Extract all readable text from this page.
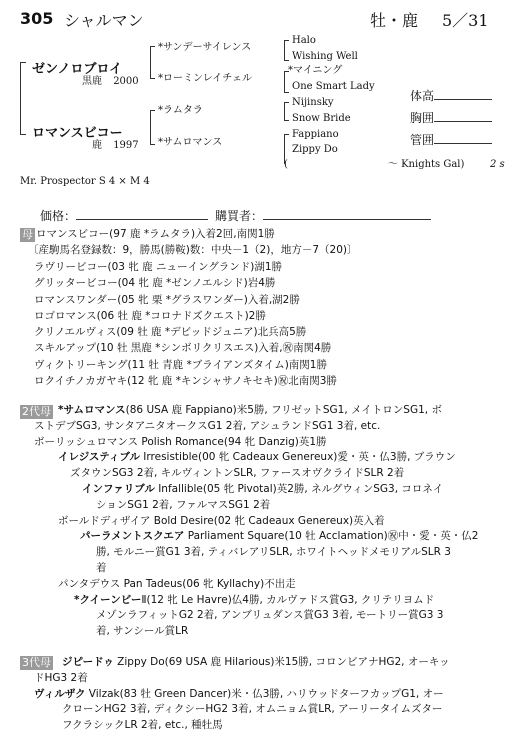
305 シャルマン	牡・鹿 5／31
ゼンノロブロイ
黒鹿 2000
*サンデーサイレンス
*ローミンレイチェル
Halo
Wishing Well
*マイニング
One Smart Lady
ロマンスビコー
鹿 1997
*ラムタラ
*サムロマンス
Nijinsky
Snow Bride
Fappiano
Zippy Do
(　　　　　　　　　　～ Knights Gal)	2 s
体高
胸囲
管囲
Mr. Prospector S 4 × M 4
価格：	購買者：
母 ロマンスビコー(97 鹿 *ラムタラ)入着2回,南関1勝
〔産駒馬名登録数：9，勝馬(勝鞍)数：中央－1（2)，地方－7（20)〕
ラヴリービコー(03 牝 鹿 ニューイングランド)湖1勝
グリッタービコー(04 牝 鹿 *ゼンノエルシド)岩4勝
ロマンスワンダー(05 牝 栗 *グラスワンダー)入着,湖2勝
ロゴロマンス(06 牡 鹿 *コロナドズクエスト)2勝
クリノエルヴィス(09 牡 鹿 *デビッドジュニア)北兵高5勝
スキルアップ(10 牡 黒鹿 *シンボリクリスエス)入着,㊗南関4勝
ヴィクトリーキング(11 牡 青鹿 *ブライアンズタイム)南関1勝
ロクイチノカガヤキ(12 牝 鹿 *キンシャサノキセキ)㊗北南関3勝
2代母 *サムロマンス(86 USA 鹿 Fappiano)米5勝, フリゼットSG1, メイトロンSG1, ボ
ストデブSG3, サンタアニタオークスG1 2着, アシュランドSG1 3着, etc.
ボーリッシュロマンス Polish Romance(94 牝 Danzig)英1勝
イレジスティブル Irresistible(00 牝 Cadeaux Genereux)愛・英・仏3勝, ブラウン
ズタウンSG3 2着, キルヴィントンSLR, ファースオヴクライドSLR 2着
インファリブル Infallible(05 牝 Pivotal)英2勝, ネルグウィンSG3, コロネイ
ションSG1 2着, ファルマスSG1 2着
ボールドディザイア Bold Desire(02 牝 Cadeaux Genereux)英入着
パーラメントスクエア Parliament Square(10 牡 Acclamation)㊗中・愛・英・仏2
勝, モルニー賞G1 3着, ティバレアリSLR, ホワイトヘッドメモリアルSLR 3
着
パンタデウス Pan Tadeus(06 牝 Kyllachy)不出走
*クイーンビーⅡ(12 牝 Le Havre)仏4勝, カルヴァドス賞G3, クリテリヨムド
メゾンラフィットG2 2着, アンブリュダンス賞G3 3着, モートリー賞G3 3
着, サンシール賞LR
3代母	ジピードゥ Zippy Do(69 USA 鹿 Hilarious)米15勝, コロンビアナHG2, オーキッ
ドHG3 2着
ヴィルザク Vilzak(83 牡 Green Dancer)米・仏3勝, ハリウッドターフカップG1, オー
クローンHG2 3着, ディクシーHG2 3着, オムニョム賞LR, アーリータイムズター
フクラシックLR 2着, etc., 種牡馬
